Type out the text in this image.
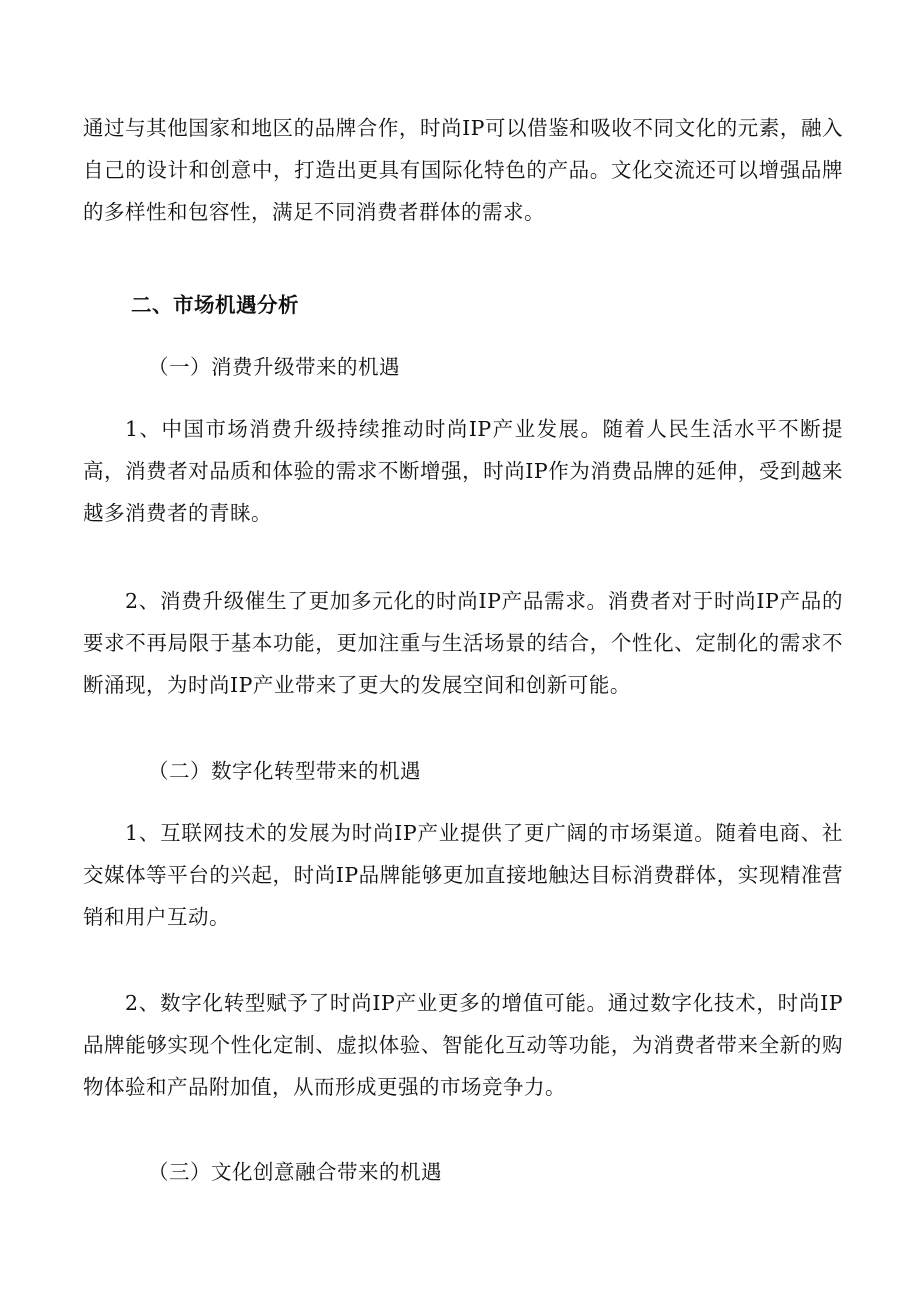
通过与其他国家和地区的品牌合作，时尚IP可以借鉴和吸收不同文化的元素，融入自己的设计和创意中，打造出更具有国际化特色的产品。文化交流还可以增强品牌的多样性和包容性，满足不同消费者群体的需求。

二、市场机遇分析

（一）消费升级带来的机遇

1、中国市场消费升级持续推动时尚IP产业发展。随着人民生活水平不断提高，消费者对品质和体验的需求不断增强，时尚IP作为消费品牌的延伸，受到越来越多消费者的青睐。

2、消费升级催生了更加多元化的时尚IP产品需求。消费者对于时尚IP产品的要求不再局限于基本功能，更加注重与生活场景的结合，个性化、定制化的需求不断涌现，为时尚IP产业带来了更大的发展空间和创新可能。

（二）数字化转型带来的机遇

1、互联网技术的发展为时尚IP产业提供了更广阔的市场渠道。随着电商、社交媒体等平台的兴起，时尚IP品牌能够更加直接地触达目标消费群体，实现精准营销和用户互动。

2、数字化转型赋予了时尚IP产业更多的增值可能。通过数字化技术，时尚IP品牌能够实现个性化定制、虚拟体验、智能化互动等功能，为消费者带来全新的购物体验和产品附加值，从而形成更强的市场竞争力。

（三）文化创意融合带来的机遇
